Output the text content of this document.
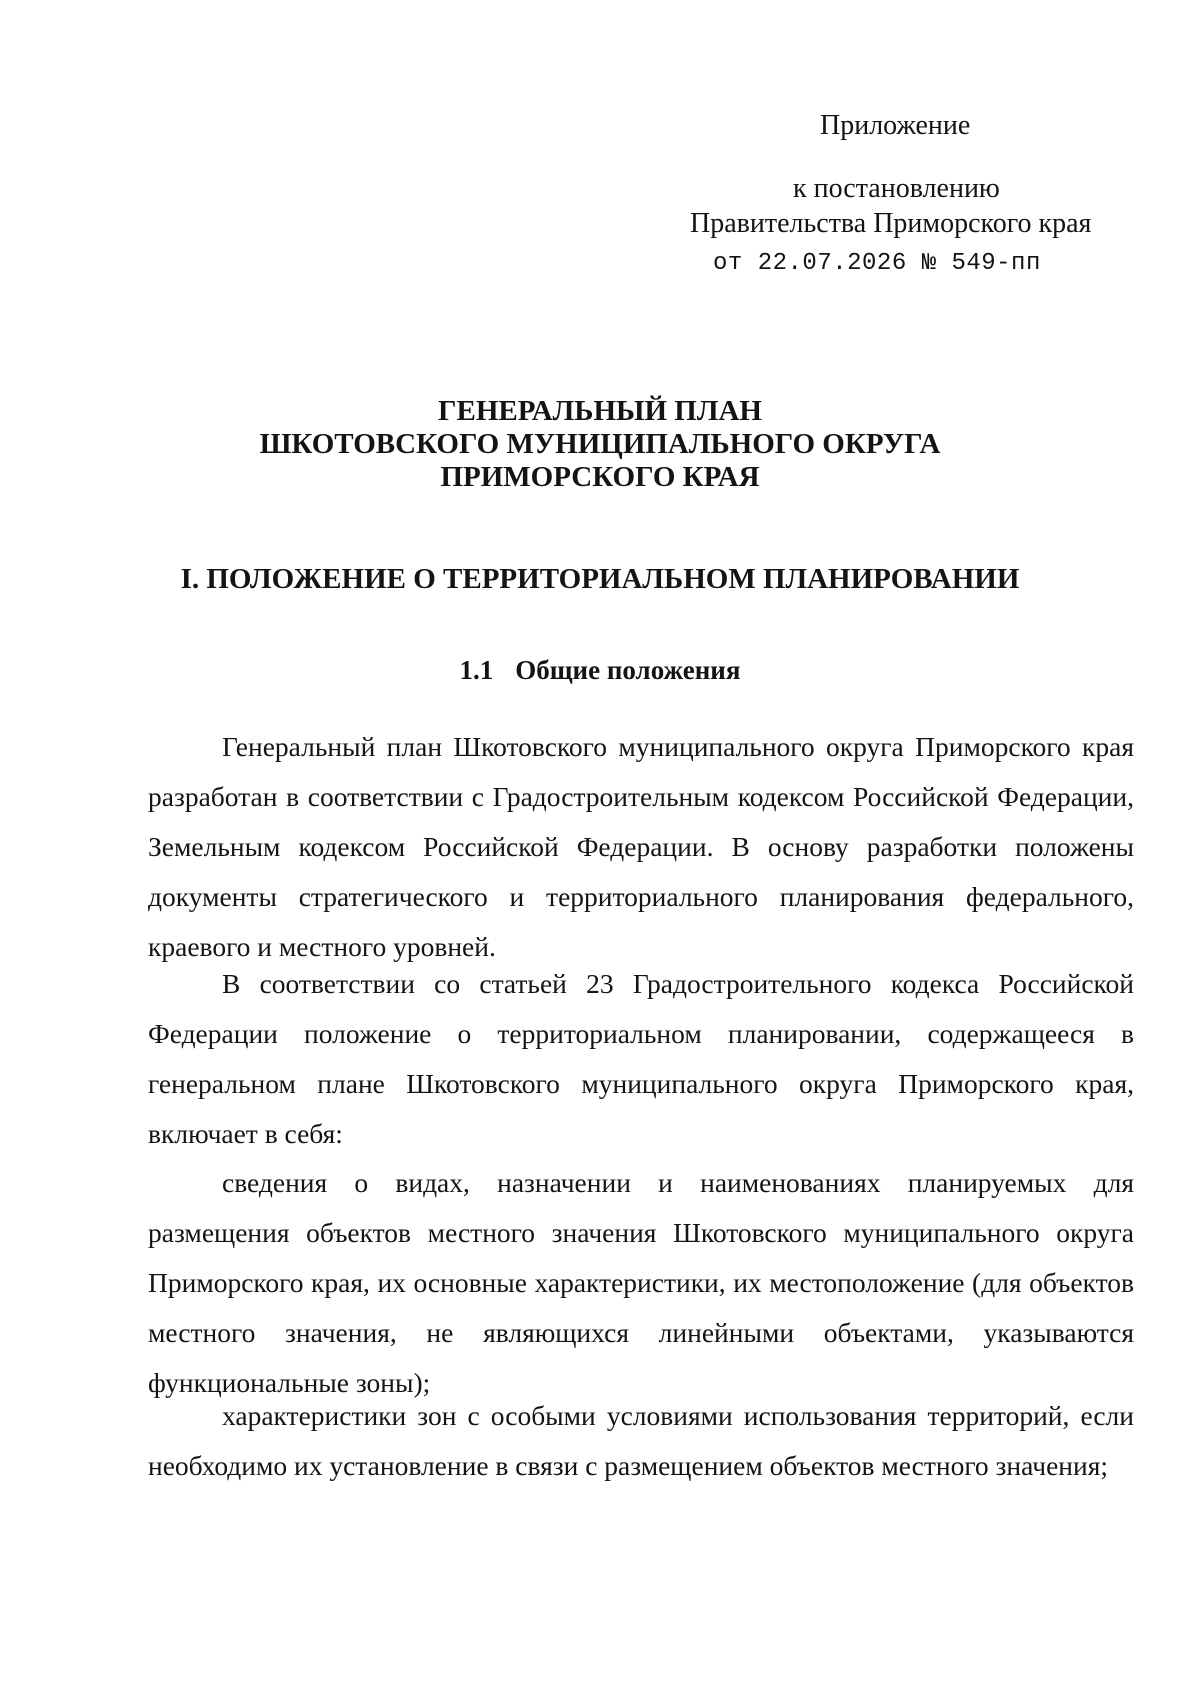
Приложение
к постановлению
Правительства Приморского края
от 22.07.2026 № 549-пп
ГЕНЕРАЛЬНЫЙ ПЛАН
ШКОТОВСКОГО МУНИЦИПАЛЬНОГО ОКРУГА
ПРИМОРСКОГО КРАЯ
I. ПОЛОЖЕНИЕ О ТЕРРИТОРИАЛЬНОМ ПЛАНИРОВАНИИ
1.1 Общие положения

Генеральный план Шкотовского муниципального округа Приморского края разработан в соответствии с Градостроительным кодексом Российской Федерации, Земельным кодексом Российской Федерации. В основу разработки положены документы стратегического и территориального планирования федерального, краевого и местного уровней.

В соответствии со статьей 23 Градостроительного кодекса Российской Федерации положение о территориальном планировании, содержащееся в генеральном плане Шкотовского муниципального округа Приморского края, включает в себя:

сведения о видах, назначении и наименованиях планируемых для размещения объектов местного значения Шкотовского муниципального округа Приморского края, их основные характеристики, их местоположение (для объектов местного значения, не являющихся линейными объектами, указываются функциональные зоны);

характеристики зон с особыми условиями использования территорий, если необходимо их установление в связи с размещением объектов местного значения;
